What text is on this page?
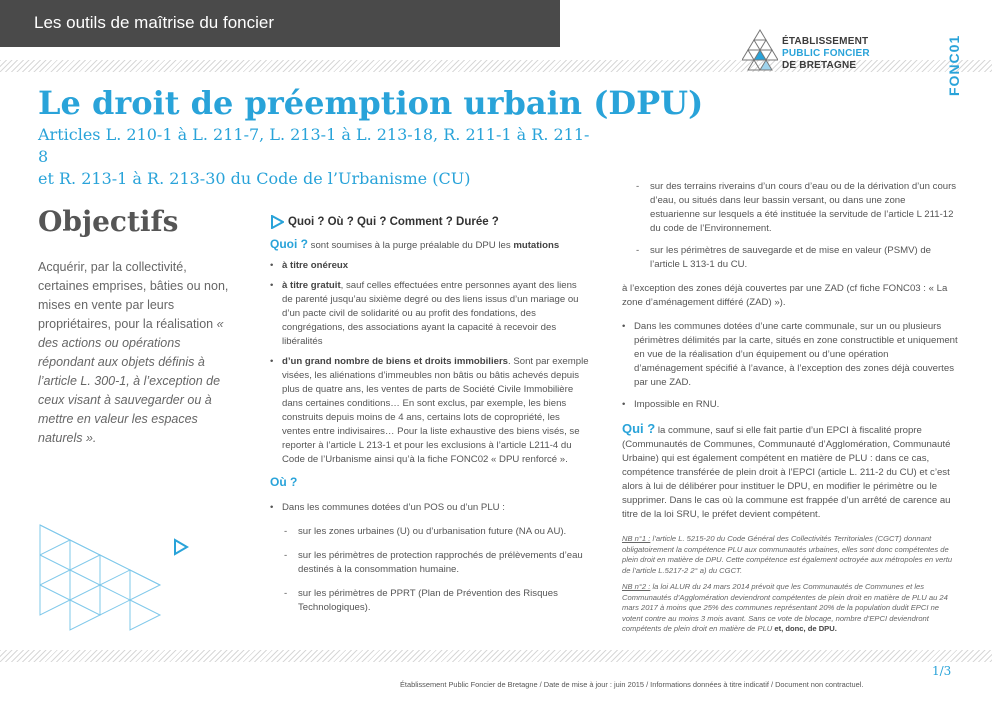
Les outils de maîtrise du foncier
ÉTABLISSEMENT
PUBLIC FONCIER
DE BRETAGNE	FONC01
Le droit de préemption urbain (DPU)
Articles L. 210-1 à L. 211-7, L. 213-1 à L. 213-18, R. 211-1 à R. 211-8
et R. 213-1 à R. 213-30 du Code de l’Urbanisme (CU)
Objectifs
Acquérir, par la collectivité, certaines emprises, bâties ou non, mises en vente par leurs propriétaires, pour la réalisation « des actions ou opérations répondant aux objets définis à l’article L. 300-1, à l’exception de ceux visant à sauvegarder ou à mettre en valeur les espaces naturels ».
Quoi ? Où ? Qui ? Comment ? Durée ?

Quoi ? sont soumises à la purge préalable du DPU les mutations

• à titre onéreux
• à titre gratuit, sauf celles effectuées entre personnes ayant des liens de parenté jusqu’au sixième degré ou des liens issus d’un mariage ou d’un pacte civil de solidarité ou au profit des fondations, des congrégations, des associations ayant la capacité à recevoir des libéralités
• d’un grand nombre de biens et droits immobiliers. Sont par exemple visées, les aliénations d’immeubles non bâtis ou bâtis achevés depuis plus de quatre ans, les ventes de parts de Société Civile Immobilière dans certaines conditions… En sont exclus, par exemple, les biens construits depuis moins de 4 ans, certains lots de copropriété, les ventes entre indivisaires… Pour la liste exhaustive des biens visés, se reporter à l’article L 213-1 et pour les exclusions à l’article L211-4 du Code de l’Urbanisme ainsi qu’à la fiche FONC02 « DPU renforcé ».

Où ?

• Dans les communes dotées d’un POS ou d’un PLU :
- sur les zones urbaines (U) ou d’urbanisation future (NA ou AU).
- sur les périmètres de protection rapprochés de prélèvements d’eau destinés à la consommation humaine.
- sur les périmètres de PPRT (Plan de Prévention des Risques Technologiques).
- sur des terrains riverains d’un cours d’eau ou de la dérivation d’un cours d’eau, ou situés dans leur bassin versant, ou dans une zone estuarienne sur lesquels a été instituée la servitude de l’article L 211-12 du code de l’Environnement.
- sur les périmètres de sauvegarde et de mise en valeur (PSMV) de l’article L 313-1 du CU.

à l’exception des zones déjà couvertes par une ZAD (cf fiche FONC03 : « La zone d’aménagement différé (ZAD) »).

• Dans les communes dotées d’une carte communale, sur un ou plusieurs périmètres délimités par la carte, situés en zone constructible et uniquement en vue de la réalisation d’un équipement ou d’une opération d’aménagement spécifié à l’avance, à l’exception des zones déjà couvertes par une ZAD.
• Impossible en RNU.

Qui ? la commune, sauf si elle fait partie d’un EPCI à fiscalité propre (Communautés de Communes, Communauté d’Agglomération, Communauté Urbaine) qui est également compétent en matière de PLU : dans ce cas, compétence transférée de plein droit à l’EPCI (article L. 211-2 du CU) et c’est alors à lui de délibérer pour instituer le DPU, en modifier le périmètre ou le supprimer. Dans le cas où la commune est frappée d’un arrêté de carence au titre de la loi SRU, le préfet devient compétent.

NB n°1 : l’article L. 5215-20 du Code Général des Collectivités Territoriales (CGCT) donnant obligatoirement la compétence PLU aux communautés urbaines, elles sont donc compétentes de plein droit en matière de DPU. Cette compétence est également octroyée aux métropoles en vertu de l’article L.5217-2 2° a) du CGCT.
NB n°2 : la loi ALUR du 24 mars 2014 prévoit que les Communautés de Communes et les Communautés d’Agglomération deviendront compétentes de plein droit en matière de PLU au 24 mars 2017 à moins que 25% des communes représentant 20% de la population dudit EPCI ne votent contre au moins 3 mois avant. Sans ce vote de blocage, nombre d’EPCI deviendront compétents de plein droit en matière de PLU et, donc, de DPU.
1/3
Établissement Public Foncier de Bretagne / Date de mise à jour : juin 2015 / Informations données à titre indicatif / Document non contractuel.
